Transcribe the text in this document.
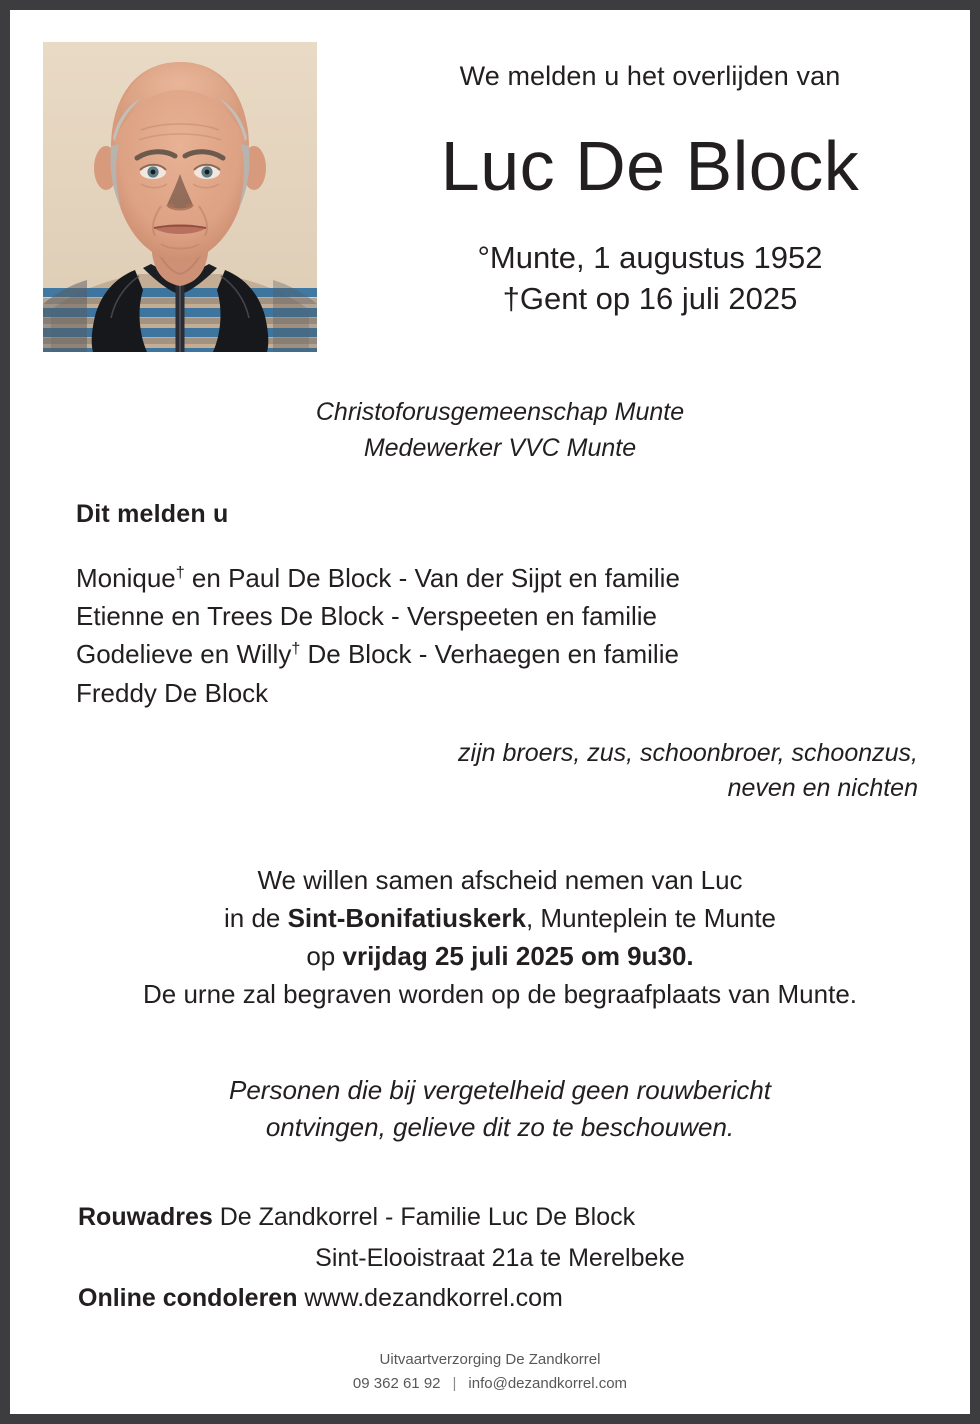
We melden u het overlijden van
Luc De Block
°Munte, 1 augustus 1952
†Gent op 16 juli 2025
Christoforusgemeenschap Munte
Medewerker VVC Munte
Dit melden u
Monique† en Paul De Block - Van der Sijpt en familie
Etienne en Trees De Block - Verspeeten en familie
Godelieve en Willy† De Block - Verhaegen en familie
Freddy De Block
zijn broers, zus, schoonbroer, schoonzus,
neven en nichten
We willen samen afscheid nemen van Luc
in de Sint-Bonifatiuskerk, Munteplein te Munte
op vrijdag 25 juli 2025 om 9u30.
De urne zal begraven worden op de begraafplaats van Munte.
Personen die bij vergetelheid geen rouwbericht
ontvingen, gelieve dit zo te beschouwen.
Rouwadres De Zandkorrel - Familie Luc De Block
Sint-Elooistraat 21a te Merelbeke
Online condoleren www.dezandkorrel.com
Uitvaartverzorging De Zandkorrel
09 362 61 92 | info@dezandkorrel.com
